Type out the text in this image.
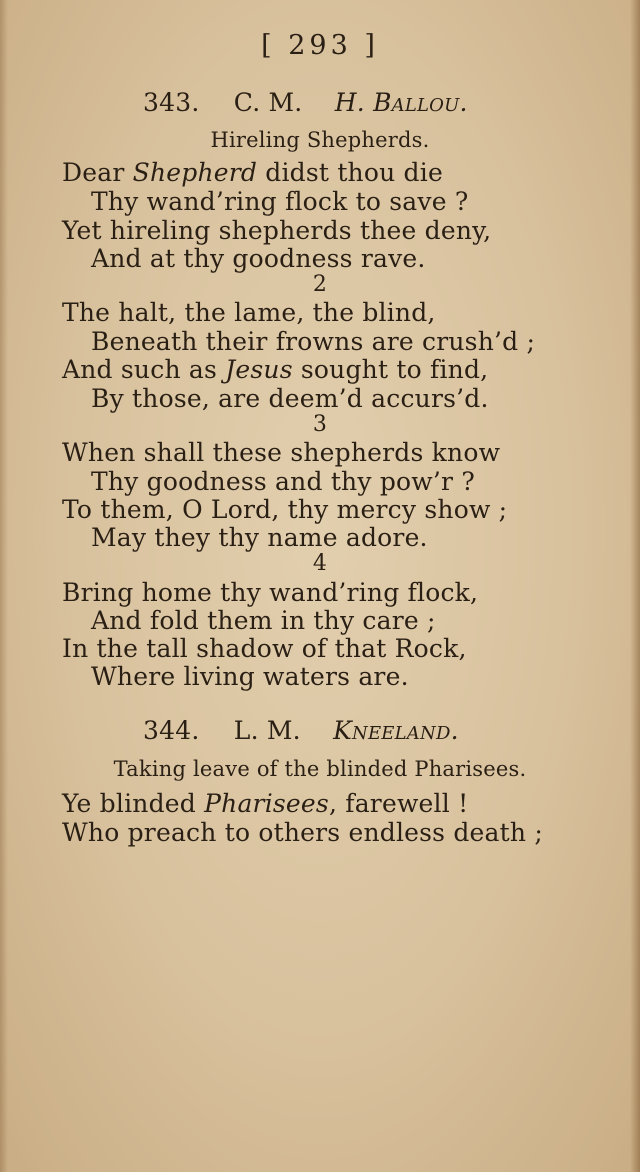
[ 293 ]
343. C. M. H. Ballou.
Hireling Shepherds.
Dear Shepherd didst thou die
Thy wand’ring flock to save ?
Yet hireling shepherds thee deny,
And at thy goodness rave.
2
The halt, the lame, the blind,
Beneath their frowns are crush’d ;
And such as Jesus sought to find,
By those, are deem’d accurs’d.
3
When shall these shepherds know
Thy goodness and thy pow’r ?
To them, O Lord, thy mercy show ;
May they thy name adore.
4
Bring home thy wand’ring flock,
And fold them in thy care ;
In the tall shadow of that Rock,
Where living waters are.
344. L. M. Kneeland.
Taking leave of the blinded Pharisees.
Ye blinded Pharisees, farewell !
Who preach to others endless death ;
